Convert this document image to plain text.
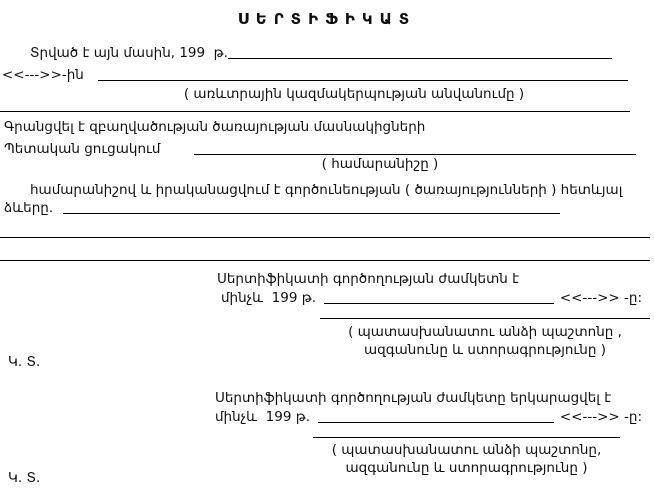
ՍԵՐՏԻՖԻԿԱՏ
Տրված է այն մասին, 199  թ.
<<--->>-ին
( առևտրային կազմակերպության անվանումը )
Գրանցվել է զբաղվածության ծառայության մասնակիցների
Պետական ցուցակում
( համարանիշը )
համարանիշով և իրականացվում է գործունեության ( ծառայությունների ) հետևյալ
ձևերը.
Սերտիֆիկատի գործողության ժամկետն է
մինչև  199 թ.	<<--->> -ը:
( պատասխանատու անձի պաշտոնը ,
ազգանունը և ստորագրությունը )
Կ. Տ.
Սերտիֆիկատի գործողության ժամկետը երկարացվել է
մինչև  199 թ.	<<--->> -ը:
( պատասխանատու անձի պաշտոնը,
ազգանունը և ստորագրությունը )
Կ. Տ.
